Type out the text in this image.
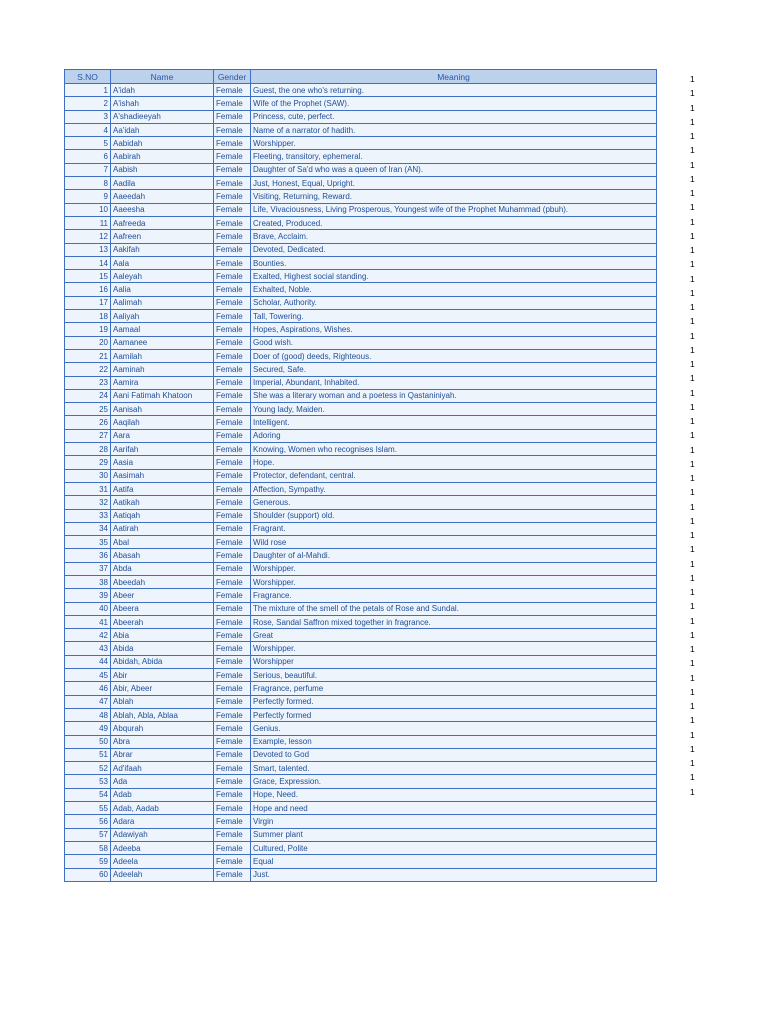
S.NO	Name	Gender	Meaning
1	A'idah	Female	Guest, the one who's returning.
2	A'ishah	Female	Wife of the Prophet (SAW).
3	A'shadieeyah	Female	Princess, cute, perfect.
4	Aa'idah	Female	Name of a narrator of hadith.
5	Aabidah	Female	Worshipper.
6	Aabirah	Female	Fleeting, transitory, ephemeral.
7	Aabish	Female	Daughter of Sa'd who was a queen of Iran (AN).
8	Aadila	Female	Just, Honest, Equal, Upright.
9	Aaeedah	Female	Visiting, Returning, Reward.
10	Aaeesha	Female	Life, Vivaciousness, Living Prosperous, Youngest wife of the Prophet Muhammad (pbuh).
11	Aafreeda	Female	Created, Produced.
12	Aafreen	Female	Brave, Acclaim.
13	Aakifah	Female	Devoted, Dedicated.
14	Aala	Female	Bounties.
15	Aaleyah	Female	Exalted, Highest social standing.
16	Aalia	Female	Exhalted, Noble.
17	Aalimah	Female	Scholar, Authority.
18	Aaliyah	Female	Tall, Towering.
19	Aamaal	Female	Hopes, Aspirations, Wishes.
20	Aamanee	Female	Good wish.
21	Aamilah	Female	Doer of (good) deeds, Righteous.
22	Aaminah	Female	Secured, Safe.
23	Aamira	Female	Imperial, Abundant, Inhabited.
24	Aani Fatimah Khatoon	Female	She was a literary woman and a poetess in Qastaniniyah.
25	Aanisah	Female	Young lady, Maiden.
26	Aaqilah	Female	Intelligent.
27	Aara	Female	Adoring
28	Aarifah	Female	Knowing, Women who recognises Islam.
29	Aasia	Female	Hope.
30	Aasimah	Female	Protector, defendant, central.
31	Aatifa	Female	Affection, Sympathy.
32	Aatikah	Female	Generous.
33	Aatiqah	Female	Shoulder (support) old.
34	Aatirah	Female	Fragrant.
35	Abal	Female	Wild rose
36	Abasah	Female	Daughter of al-Mahdi.
37	Abda	Female	Worshipper.
38	Abeedah	Female	Worshipper.
39	Abeer	Female	Fragrance.
40	Abeera	Female	The mixture of the smell of the petals of Rose and Sundal.
41	Abeerah	Female	Rose, Sandal Saffron mixed together in fragrance.
42	Abia	Female	Great
43	Abida	Female	Worshipper.
44	Abidah, Abida	Female	Worshipper
45	Abir	Female	Serious, beautiful.
46	Abir, Abeer	Female	Fragrance, perfume
47	Ablah	Female	Perfectly formed.
48	Ablah, Abla, Ablaa	Female	Perfectly formed
49	Abqurah	Female	Genius.
50	Abra	Female	Example, lesson
51	Abrar	Female	Devoted to God
52	Ad'ifaah	Female	Smart, talented.
53	Ada	Female	Grace, Expression.
54	Adab	Female	Hope, Need.
55	Adab, Aadab	Female	Hope and need
56	Adara	Female	Virgin
57	Adawiyah	Female	Summer plant
58	Adeeba	Female	Cultured, Polite
59	Adeela	Female	Equal
60	Adeelah	Female	Just.
1
1
1
1
1
1
1
1
1
1
1
1
1
1
1
1
1
1
1
1
1
1
1
1
1
1
1
1
1
1
1
1
1
1
1
1
1
1
1
1
1
1
1
1
1
1
1
1
1
1
1
